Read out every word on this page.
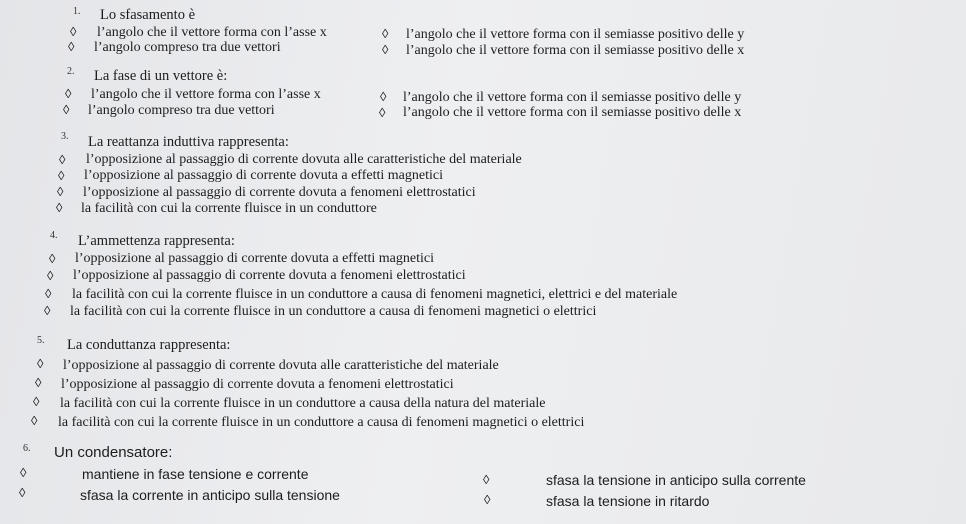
1. Lo sfasamento è
◊ l’angolo che il vettore forma con l’asse x	◊ l’angolo che il vettore forma con il semiasse positivo delle y
◊ l’angolo compreso tra due vettori	◊ l’angolo che il vettore forma con il semiasse positivo delle x
2. La fase di un vettore è:
◊ l’angolo che il vettore forma con l’asse x	◊ l’angolo che il vettore forma con il semiasse positivo delle y
◊ l’angolo compreso tra due vettori	◊ l’angolo che il vettore forma con il semiasse positivo delle x
3. La reattanza induttiva rappresenta:
◊ l’opposizione al passaggio di corrente dovuta alle caratteristiche del materiale
◊ l’opposizione al passaggio di corrente dovuta a effetti magnetici
◊ l’opposizione al passaggio di corrente dovuta a fenomeni elettrostatici
◊ la facilità con cui la corrente fluisce in un conduttore
4. L’ammettenza rappresenta:
◊ l’opposizione al passaggio di corrente dovuta a effetti magnetici
◊ l’opposizione al passaggio di corrente dovuta a fenomeni elettrostatici
◊ la facilità con cui la corrente fluisce in un conduttore a causa di fenomeni magnetici, elettrici e del materiale
◊ la facilità con cui la corrente fluisce in un conduttore a causa di fenomeni magnetici o elettrici
5. La conduttanza rappresenta:
◊ l’opposizione al passaggio di corrente dovuta alle caratteristiche del materiale
◊ l’opposizione al passaggio di corrente dovuta a fenomeni elettrostatici
◊ la facilità con cui la corrente fluisce in un conduttore a causa della natura del materiale
◊ la facilità con cui la corrente fluisce in un conduttore a causa di fenomeni magnetici o elettrici
6. Un condensatore:
◊	mantiene in fase tensione e corrente	◊	sfasa la tensione in anticipo sulla corrente
◊	sfasa la corrente in anticipo sulla tensione	◊	sfasa la tensione in ritardo
